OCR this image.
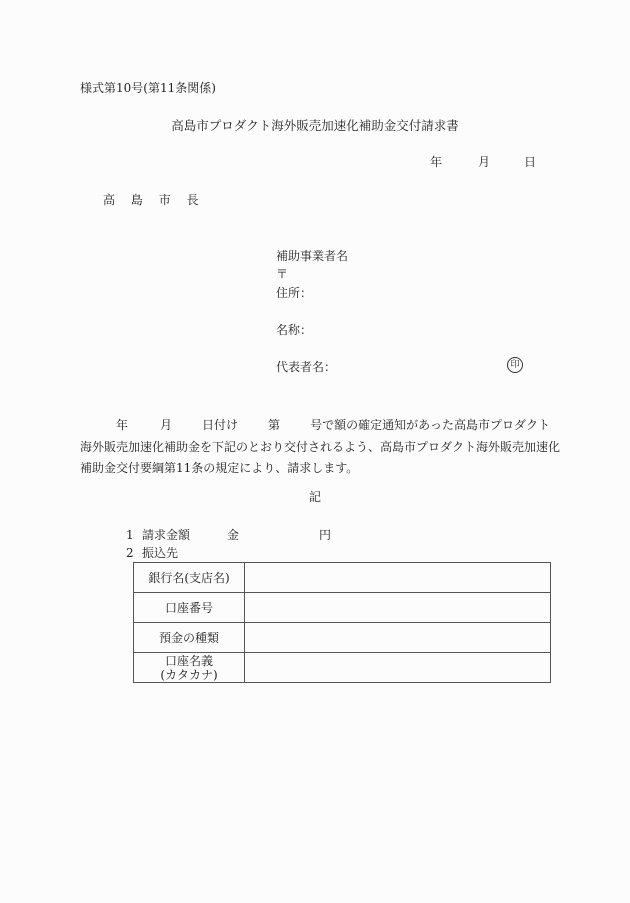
様式第10号(第11条関係)
高島市プロダクト海外販売加速化補助金交付請求書
年	月	日
高 島 市 長
補助事業者名
〒
住所：
名称：
代表者名：	印
年	月	日付け	第	号で額の確定通知があった高島市プロダクト
海外販売加速化補助金を下記のとおり交付されるよう、高島市プロダクト海外販売加速化
補助金交付要綱第11条の規定により、請求します。
記
1 請求金額	金	円
2 振込先
銀行名(支店名)	
口座番号	
預金の種類	
口座名義
(カタカナ)	
